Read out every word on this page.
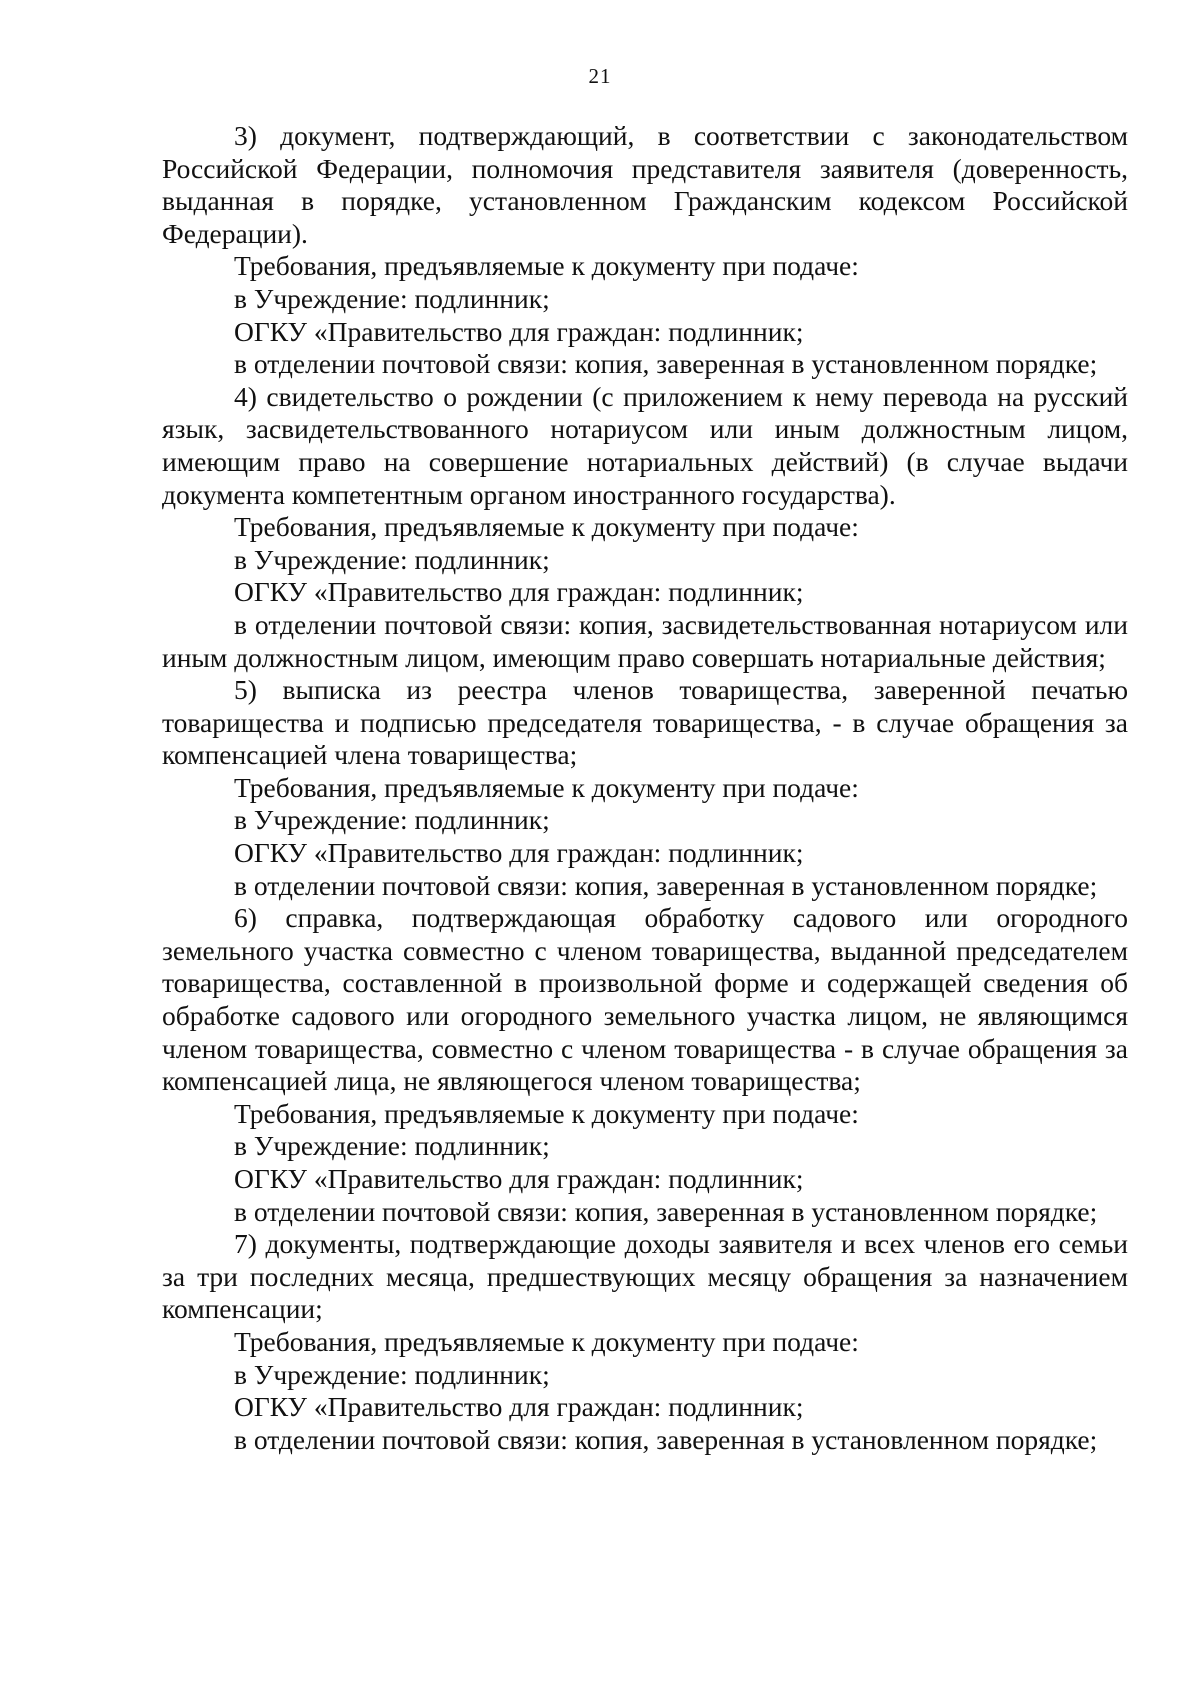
21

3) документ, подтверждающий, в соответствии с законодательством Российской Федерации, полномочия представителя заявителя (доверенность, выданная в порядке, установленном Гражданским кодексом Российской Федерации).

Требования, предъявляемые к документу при подаче:

в Учреждение: подлинник;

ОГКУ «Правительство для граждан: подлинник;

в отделении почтовой связи: копия, заверенная в установленном порядке;

4) свидетельство о рождении (с приложением к нему перевода на русский язык, засвидетельствованного нотариусом или иным должностным лицом, имеющим право на совершение нотариальных действий) (в случае выдачи документа компетентным органом иностранного государства).

Требования, предъявляемые к документу при подаче:

в Учреждение: подлинник;

ОГКУ «Правительство для граждан: подлинник;

в отделении почтовой связи: копия, засвидетельствованная нотариусом или иным должностным лицом, имеющим право совершать нотариальные действия;

5) выписка из реестра членов товарищества, заверенной печатью товарищества и подписью председателя товарищества, - в случае обращения за компенсацией члена товарищества;

Требования, предъявляемые к документу при подаче:

в Учреждение: подлинник;

ОГКУ «Правительство для граждан: подлинник;

в отделении почтовой связи: копия, заверенная в установленном порядке;

6) справка, подтверждающая обработку садового или огородного земельного участка совместно с членом товарищества, выданной председателем товарищества, составленной в произвольной форме и содержащей сведения об обработке садового или огородного земельного участка лицом, не являющимся членом товарищества, совместно с членом товарищества - в случае обращения за компенсацией лица, не являющегося членом товарищества;

Требования, предъявляемые к документу при подаче:

в Учреждение: подлинник;

ОГКУ «Правительство для граждан: подлинник;

в отделении почтовой связи: копия, заверенная в установленном порядке;

7) документы, подтверждающие доходы заявителя и всех членов его семьи за три последних месяца, предшествующих месяцу обращения за назначением компенсации;

Требования, предъявляемые к документу при подаче:

в Учреждение: подлинник;

ОГКУ «Правительство для граждан: подлинник;

в отделении почтовой связи: копия, заверенная в установленном порядке;
